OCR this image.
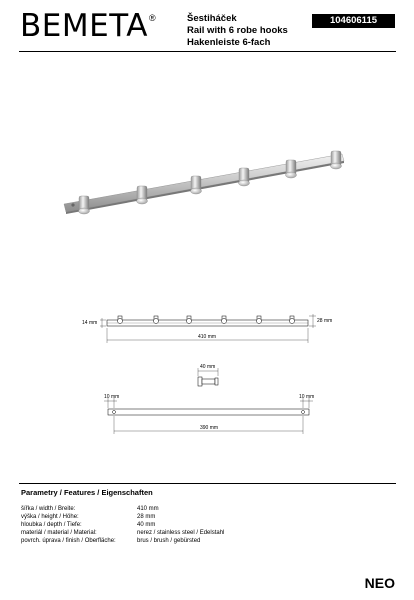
BEMETA ®	Šestiháček
Rail with 6 robe hooks
Hakenleiste 6-fach
104606115
14 mm	28 mm
410 mm
40 mm
10 mm	10 mm
390 mm
Parametry / Features / Eigenschaften
šířka / width / Breite:	410 mm
výška / height / Höhe:	28 mm
hloubka / depth / Tiefe:	40 mm
materiál / material / Material:	nerez / stainless steel / Edelstahl
povrch. úprava / finish / Oberfläche:	brus / brush / gebürsted
NEO
